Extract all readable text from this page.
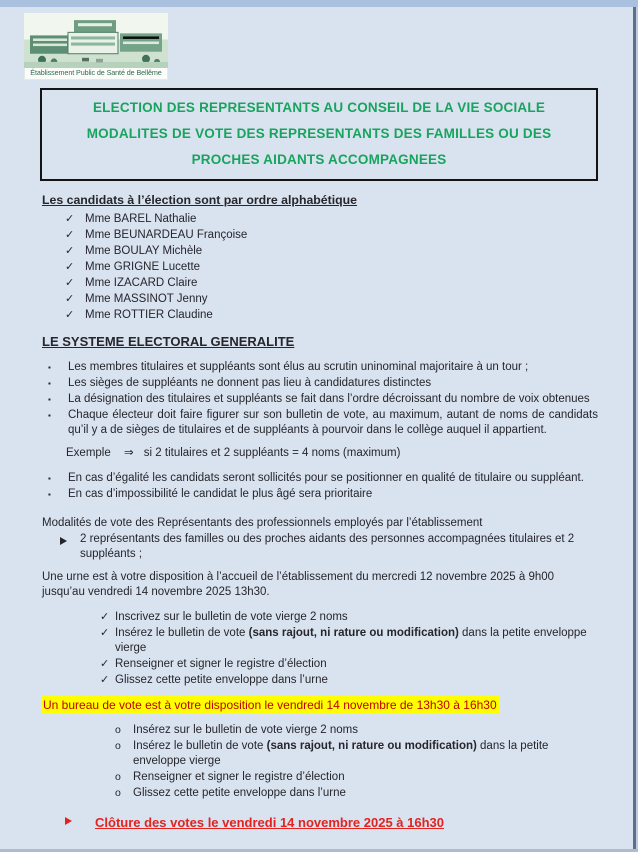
Établissement Public de Santé de Bellême
ELECTION DES REPRESENTANTS AU CONSEIL DE LA VIE SOCIALE
MODALITES DE VOTE DES REPRESENTANTS DES FAMILLES OU DES
PROCHES AIDANTS ACCOMPAGNEES
Les candidats à l’élection sont par ordre alphabétique
✓ Mme BAREL Nathalie
✓ Mme BEUNARDEAU Françoise
✓ Mme BOULAY Michèle
✓ Mme GRIGNE Lucette
✓ Mme IZACARD Claire
✓ Mme MASSINOT Jenny
✓ Mme ROTTIER Claudine
LE SYSTEME ELECTORAL GENERALITE
▪	Les membres titulaires et suppléants sont élus au scrutin uninominal majoritaire à un tour ;
▪	Les sièges de suppléants ne donnent pas lieu à candidatures distinctes
▪	La désignation des titulaires et suppléants se fait dans l’ordre décroissant du nombre de voix obtenues
▪	Chaque électeur doit faire figurer sur son bulletin de vote, au maximum, autant de noms de candidats qu’il y a de sièges de titulaires et de suppléants à pourvoir dans le collège auquel il appartient.
Exemple ⇒ si 2 titulaires et 2 suppléants = 4 noms (maximum)
▪	En cas d’égalité les candidats seront sollicités pour se positionner en qualité de titulaire ou suppléant.
▪	En cas d’impossibilité le candidat le plus âgé sera prioritaire
Modalités de vote des Représentants des professionnels employés par l’établissement
2 représentants des familles ou des proches aidants des personnes accompagnées titulaires et 2 suppléants ;
Une urne est à votre disposition à l’accueil de l’établissement du mercredi 12 novembre 2025 à 9h00 jusqu’au vendredi 14 novembre 2025 13h30.
✓ Inscrivez sur le bulletin de vote vierge 2 noms
✓ Insérez le bulletin de vote (sans rajout, ni rature ou modification) dans la petite enveloppe vierge
✓ Renseigner et signer le registre d’élection
✓ Glissez cette petite enveloppe dans l’urne
Un bureau de vote est à votre disposition le vendredi 14 novembre de 13h30 à 16h30
o	Insérez sur le bulletin de vote vierge 2 noms
o	Insérez le bulletin de vote (sans rajout, ni rature ou modification) dans la petite enveloppe vierge
o	Renseigner et signer le registre d’élection
o	Glissez cette petite enveloppe dans l’urne
Clôture des votes le vendredi 14 novembre 2025 à 16h30
